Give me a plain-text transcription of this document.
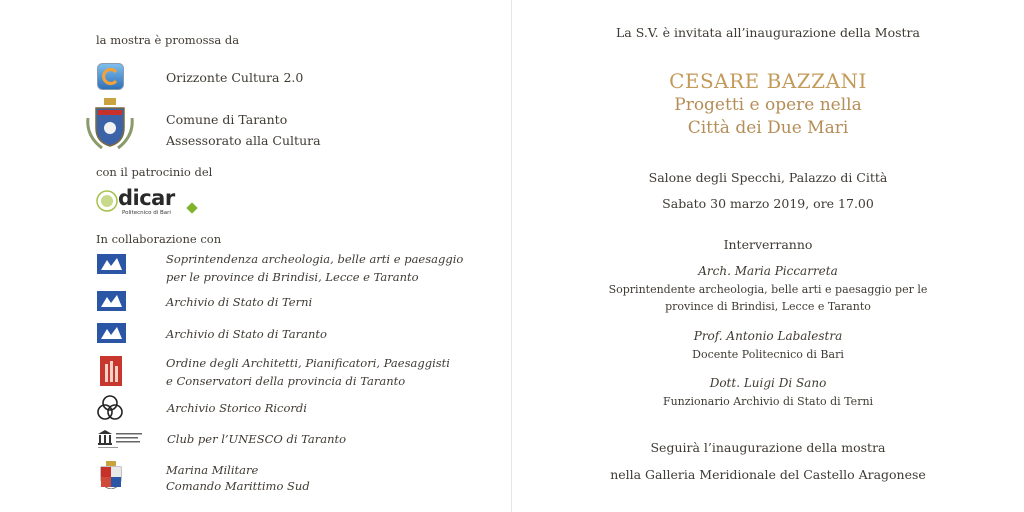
la mostra è promossa da
Orizzonte Cultura 2.0
Comune di Taranto
Assessorato alla Cultura
con il patrocinio del
dicar
Politecnico di Bari
In collaborazione con
Soprintendenza archeologia, belle arti e paesaggio
per le province di Brindisi, Lecce e Taranto
Archivio di Stato di Terni
Archivio di Stato di Taranto
Ordine degli Architetti, Pianificatori, Paesaggisti
e Conservatori della provincia di Taranto
Archivio Storico Ricordi
Club per l’UNESCO di Taranto
Marina Militare
Comando Marittimo Sud
La S.V. è invitata all’inaugurazione della Mostra
CESARE BAZZANI
Progetti e opere nella
Città dei Due Mari
Salone degli Specchi, Palazzo di Città
Sabato 30 marzo 2019, ore 17.00
Interverranno
Arch. Maria Piccarreta
Soprintendente archeologia, belle arti e paesaggio per le
province di Brindisi, Lecce e Taranto
Prof. Antonio Labalestra
Docente Politecnico di Bari
Dott. Luigi Di Sano
Funzionario Archivio di Stato di Terni
Seguirà l’inaugurazione della mostra
nella Galleria Meridionale del Castello Aragonese
